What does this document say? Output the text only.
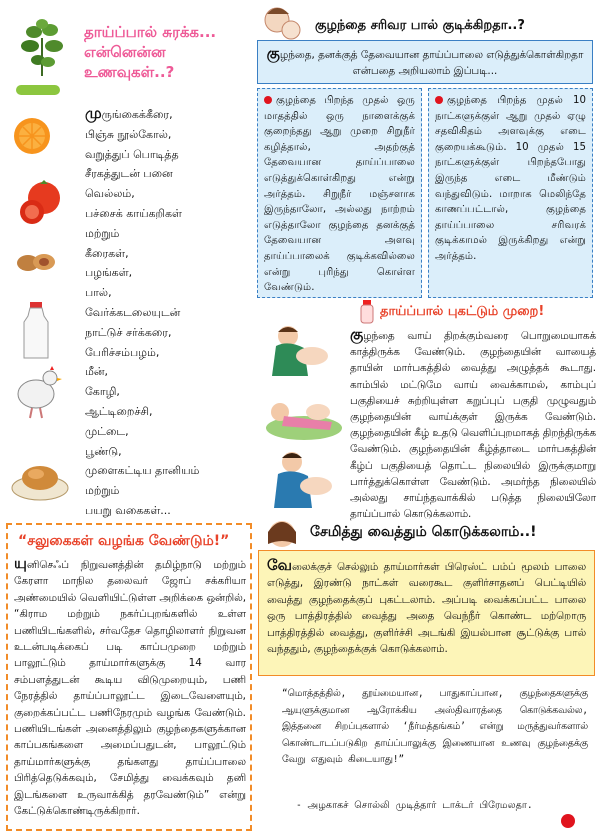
தாய்ப்பால் சுரக்க...
என்னென்ன
உணவுகள்..?
முருங்கைக்கீரை,
பிஞ்சு நூல்கோல்,
வறுத்துப் பொடித்த
சீரகத்துடன் பனை
வெல்லம்,
பச்சைக் காய்கறிகள்
மற்றும்
கீரைகள்,
பழங்கள்,
பால்,
வேர்க்கடலையுடன்
நாட்டுச் சர்க்கரை,
பேரிச்சம்பழம்,
மீன்,
கோழி,
ஆட்டிறைச்சி,
முட்டை,
பூண்டு,
முளைகட்டிய தானியம்
மற்றும்
பயறு வகைகள்...
“சலுகைகள் வழங்க வேண்டும்!”
யுனிசெஃப் நிறுவனத்தின் தமிழ்நாடு மற்றும் கேரளா மாநில தலைவர் ஜோப் சக்கரியா அண்மையில் வெளியிட்டுள்ள அறிக்கை ஒன்றில், “கிராம மற்றும் நகர்ப்புறங்களில் உள்ள பணியிடங்களில், சர்வதேச தொழிலாளர் நிறுவன உடன்படிக்கைப் படி காப்பமுறை மற்றும் பாலூட்டும் தாய்மார்களுக்கு 14 வார சம்பளத்துடன் கூடிய விடுமுறையும், பணி நேரத்தில் தாய்ப்பாலூட்ட இடைவேளையும், குறைக்கப்பட்ட பணிநேரமும் வழங்க வேண்டும். பணியிடங்கள் அனைத்திலும் குழந்தைகளுக்கான காப்பகங்களை அமைப்பதுடன், பாலூட்டும் தாய்மார்களுக்கு தங்களது தாய்ப்பாலை பிரித்தெடுக்கவும், சேமித்து வைக்கவும் தனி இடங்களை உருவாக்கித் தரவேண்டும்” என்று கேட்டுக்கொண்டிருக்கிறார்.
குழந்தை சரிவர பால் குடிக்கிறதா..?
குழந்தை, தனக்குத் தேவையான தாய்ப்பாலை எடுத்துக்கொள்கிறதா என்பதை அறியலாம் இப்படி...
குழந்தை பிறந்த முதல் ஒரு மாதத்தில் ஒரு நாளைக்குக் குறைந்தது ஆறு முறை சிறுநீர் கழித்தால், அதற்குத் தேவையான தாய்ப்பாலை எடுத்துக்கொள்கிறது என்று அர்த்தம். சிறுநீர் மஞ்சளாக இருந்தாலோ, அல்லது நாற்றம் எடுத்தாலோ குழந்தை தனக்குத் தேவையான அளவு தாய்ப்பாலைக் குடிக்கவில்லை என்று புரிந்து கொள்ள வேண்டும்.
குழந்தை பிறந்த முதல் 10 நாட்களுக்குள் ஆறு முதல் ஏழு சதவிகிதம் அளவுக்கு எடை குறையக்கூடும். 10 முதல் 15 நாட்களுக்குள் பிறந்தபோது இருந்த எடை மீண்டும் வந்துவிடும். மாறாக மெலிந்தே காணப்பட்டால், குழந்தை தாய்ப்பாலை சரிவரக் குடிக்காமல் இருக்கிறது என்று அர்த்தம்.
தாய்ப்பால் புகட்டும் முறை!
குழந்தை வாய் திறக்கும்வரை பொறுமையாகக் காத்திருக்க வேண்டும். குழந்தையின் வாயைத் தாயின் மார்பகத்தில் வைத்து அழுத்தக் கூடாது. காம்பில் மட்டுமே வாய் வைக்காமல், காம்புப் பகுதியைச் சுற்றியுள்ள கறுப்புப் பகுதி முழுவதும் குழந்தையின் வாய்க்குள் இருக்க வேண்டும். குழந்தையின் கீழ் உதடு வெளிப்புறமாகத் திறந்திருக்க வேண்டும். குழந்தையின் கீழ்த்தாடை மார்பகத்தின் கீழ்ப் பகுதியைத் தொட்ட நிலையில் இருக்குமாறு பார்த்துக்கொள்ள வேண்டும். அமர்ந்த நிலையில் அல்லது சாய்ந்தவாக்கில் படுத்த நிலையிலோ தாய்ப்பால் கொடுக்கலாம்.
சேமித்து வைத்தும் கொடுக்கலாம்..!
வேலைக்குச் செல்லும் தாய்மார்கள் பிரெஸ்ட் பம்ப் மூலம் பாலை எடுத்து, இரண்டு நாட்கள் வரைகூட குளிர்சாதனப் பெட்டியில் வைத்து குழந்தைக்குப் புகட்டலாம். அப்படி வைக்கப்பட்ட பாலை ஒரு பாத்திரத்தில் வைத்து அதை வெந்நீர் கொண்ட மற்றொரு பாத்திரத்தில் வைத்து, குளிர்ச்சி அடங்கி இயல்பான சூட்டுக்கு பால் வந்ததும், குழந்தைக்குக் கொடுக்கலாம்.
“மொத்தத்தில், தூய்மையான, பாதுகாப்பான, குழந்தைகளுக்கு ஆயுளுக்குமான ஆரோக்கிய அஸ்திவாரத்தை கொடுக்கவல்ல, இத்தனை சிறப்புகளால் ‘நீர்மத்தங்கம்’ என்று மருத்துவர்களால் கொண்டாடப்படுகிற தாய்ப்பாலுக்கு இணையான உணவு குழந்தைக்கு வேறு எதுவும் கிடையாது!”
- அழகாகச் சொல்லி முடித்தார் டாக்டர் பிரேமலதா.
